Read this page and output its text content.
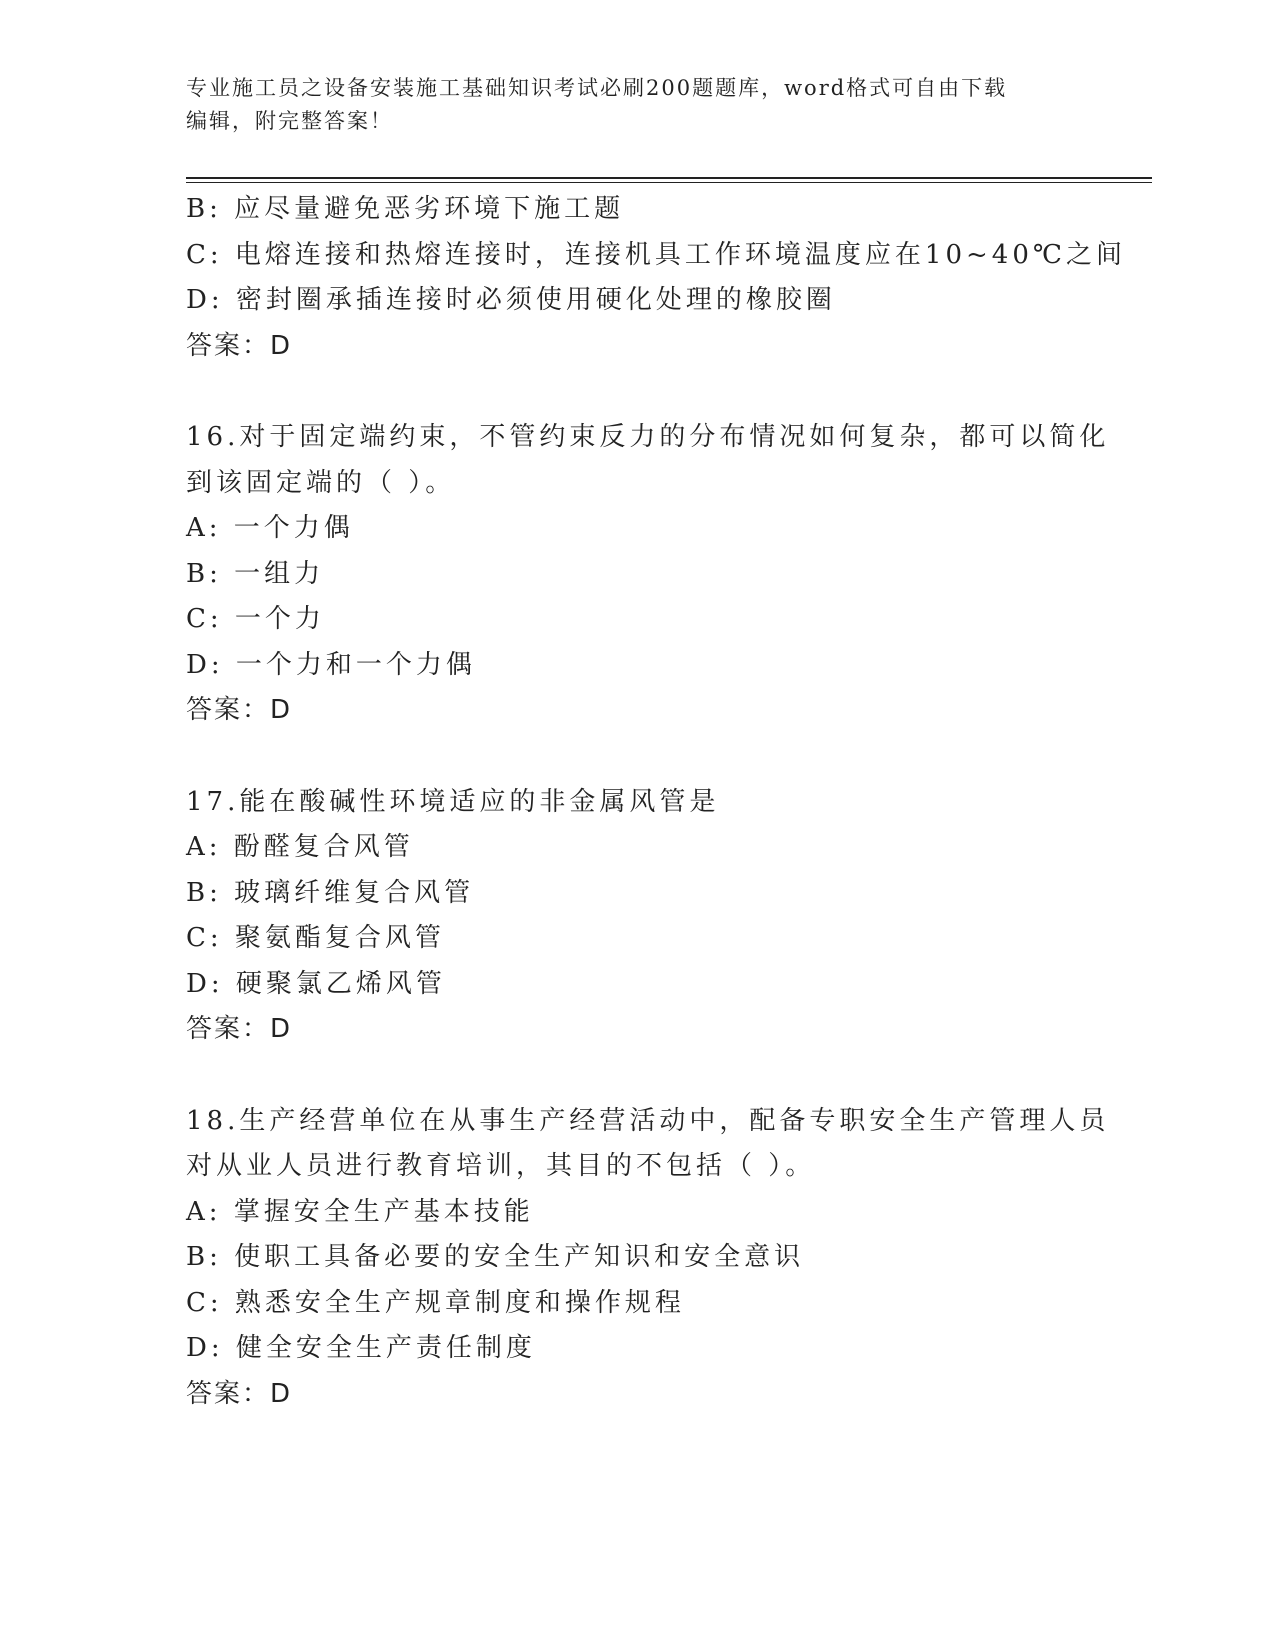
专业施工员之设备安装施工基础知识考试必刷200题题库，word格式可自由下载
编辑，附完整答案！
B: 应尽量避免恶劣环境下施工题
C: 电熔连接和热熔连接时，连接机具工作环境温度应在10~40℃之间
D: 密封圈承插连接时必须使用硬化处理的橡胶圈
答案：D
16.对于固定端约束，不管约束反力的分布情况如何复杂，都可以简化
到该固定端的（ ）。
A: 一个力偶
B: 一组力
C: 一个力
D: 一个力和一个力偶
答案：D
17.能在酸碱性环境适应的非金属风管是
A: 酚醛复合风管
B: 玻璃纤维复合风管
C: 聚氨酯复合风管
D: 硬聚氯乙烯风管
答案：D
18.生产经营单位在从事生产经营活动中，配备专职安全生产管理人员
对从业人员进行教育培训，其目的不包括（ ）。
A: 掌握安全生产基本技能
B: 使职工具备必要的安全生产知识和安全意识
C: 熟悉安全生产规章制度和操作规程
D: 健全安全生产责任制度
答案：D
